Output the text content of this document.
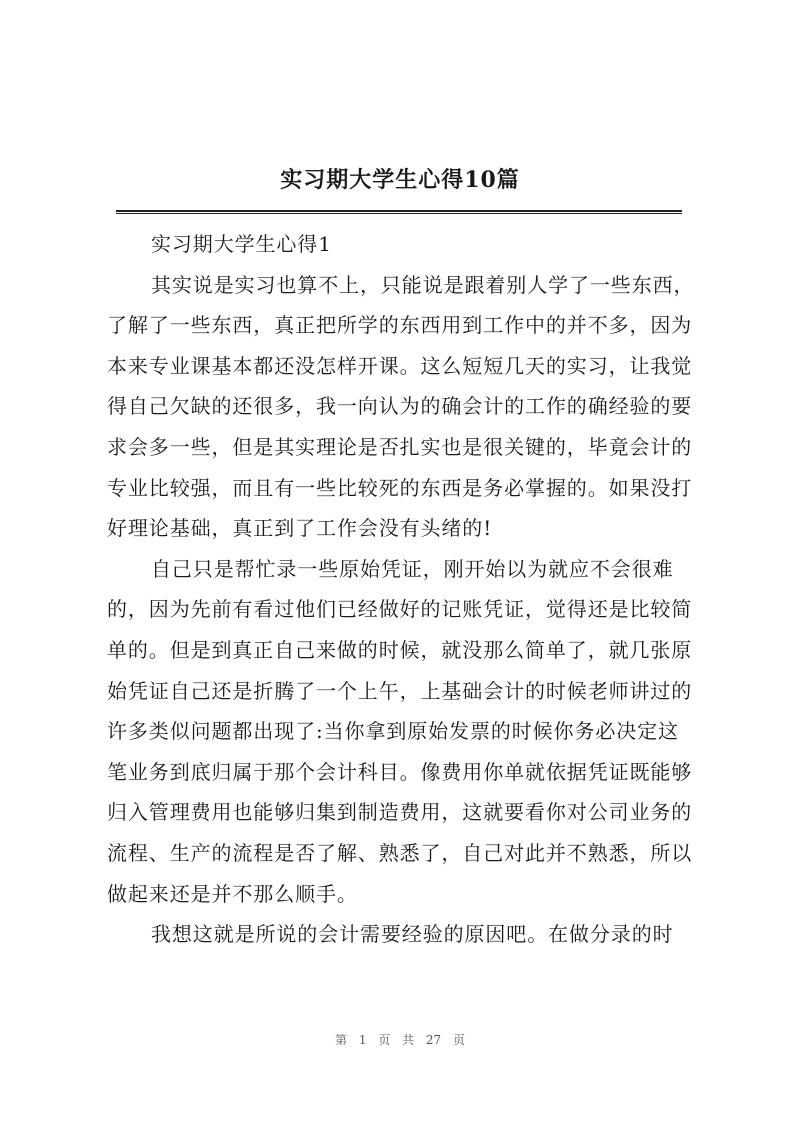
实习期大学生心得10篇
实习期大学生心得1
其实说是实习也算不上，只能说是跟着别人学了一些东西，
了解了一些东西，真正把所学的东西用到工作中的并不多，因为
本来专业课基本都还没怎样开课。这么短短几天的实习，让我觉
得自己欠缺的还很多，我一向认为的确会计的工作的确经验的要
求会多一些，但是其实理论是否扎实也是很关键的，毕竟会计的
专业比较强，而且有一些比较死的东西是务必掌握的。如果没打
好理论基础，真正到了工作会没有头绪的!
自己只是帮忙录一些原始凭证，刚开始以为就应不会很难
的，因为先前有看过他们已经做好的记账凭证，觉得还是比较简
单的。但是到真正自己来做的时候，就没那么简单了，就几张原
始凭证自己还是折腾了一个上午，上基础会计的时候老师讲过的
许多类似问题都出现了:当你拿到原始发票的时候你务必决定这
笔业务到底归属于那个会计科目。像费用你单就依据凭证既能够
归入管理费用也能够归集到制造费用，这就要看你对公司业务的
流程、生产的流程是否了解、熟悉了，自己对此并不熟悉，所以
做起来还是并不那么顺手。
我想这就是所说的会计需要经验的原因吧。在做分录的时
第 1 页 共 27 页
